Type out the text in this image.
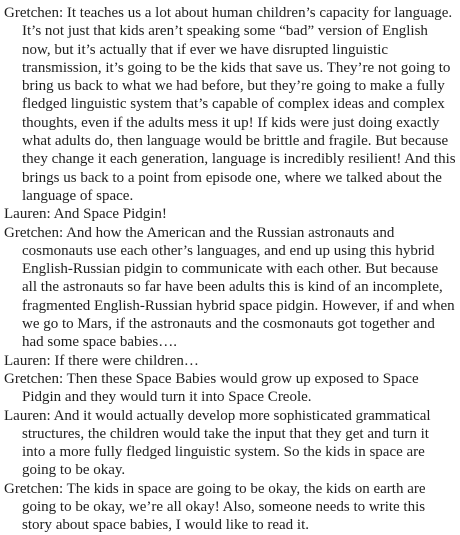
Gretchen: It teaches us a lot about human children’s capacity for language. It’s not just that kids aren’t speaking some “bad” version of English now, but it’s actually that if ever we have disrupted linguistic transmission, it’s going to be the kids that save us. They’re not going to bring us back to what we had before, but they’re going to make a fully fledged linguistic system that’s capable of complex ideas and complex thoughts, even if the adults mess it up! If kids were just doing exactly what adults do, then language would be brittle and fragile. But because they change it each generation, language is incredibly resilient! And this brings us back to a point from episode one, where we talked about the language of space.

Lauren: And Space Pidgin!

Gretchen: And how the American and the Russian astronauts and cosmonauts use each other’s languages, and end up using this hybrid English-Russian pidgin to communicate with each other. But because all the astronauts so far have been adults this is kind of an incomplete, fragmented English-Russian hybrid space pidgin. However, if and when we go to Mars, if the astronauts and the cosmonauts got together and had some space babies….

Lauren: If there were children…

Gretchen: Then these Space Babies would grow up exposed to Space Pidgin and they would turn it into Space Creole.

Lauren: And it would actually develop more sophisticated grammatical structures, the children would take the input that they get and turn it into a more fully fledged linguistic system. So the kids in space are going to be okay.

Gretchen: The kids in space are going to be okay, the kids on earth are going to be okay, we’re all okay! Also, someone needs to write this story about space babies, I would like to read it.
